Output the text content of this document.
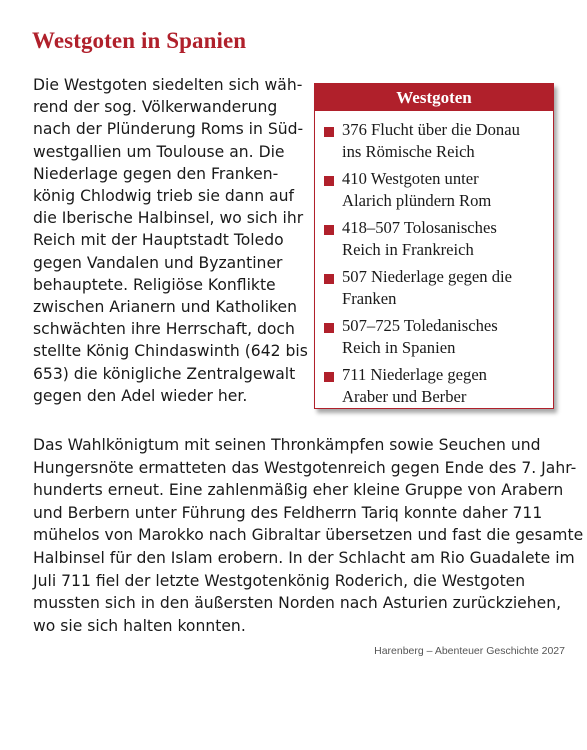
Westgoten in Spanien

Die Westgoten siedelten sich wäh-
rend der sog. Völkerwanderung
nach der Plünderung Roms in Süd-
westgallien um Toulouse an. Die
Niederlage gegen den Franken-
könig Chlodwig trieb sie dann auf
die Iberische Halbinsel, wo sich ihr
Reich mit der Hauptstadt Toledo
gegen Vandalen und Byzantiner
behauptete. Religiöse Konflikte
zwischen Arianern und Katholiken
schwächten ihre Herrschaft, doch
stellte König Chindaswinth (642 bis
653) die königliche Zentralgewalt
gegen den Adel wieder her.

Westgoten
376 Flucht über die Donau
ins Römische Reich
410 Westgoten unter
Alarich plündern Rom
418–507 Tolosanisches
Reich in Frankreich
507 Niederlage gegen die
Franken
507–725 Toledanisches
Reich in Spanien
711 Niederlage gegen
Araber und Berber

Das Wahlkönigtum mit seinen Thronkämpfen sowie Seuchen und
Hungersnöte ermatteten das Westgotenreich gegen Ende des 7. Jahr-
hunderts erneut. Eine zahlenmäßig eher kleine Gruppe von Arabern
und Berbern unter Führung des Feldherrn Tariq konnte daher 711
mühelos von Marokko nach Gibraltar übersetzen und fast die gesamte
Halbinsel für den Islam erobern. In der Schlacht am Rio Guadalete im
Juli 711 fiel der letzte Westgotenkönig Roderich, die Westgoten
mussten sich in den äußersten Norden nach Asturien zurückziehen,
wo sie sich halten konnten.

Harenberg – Abenteuer Geschichte 2027
